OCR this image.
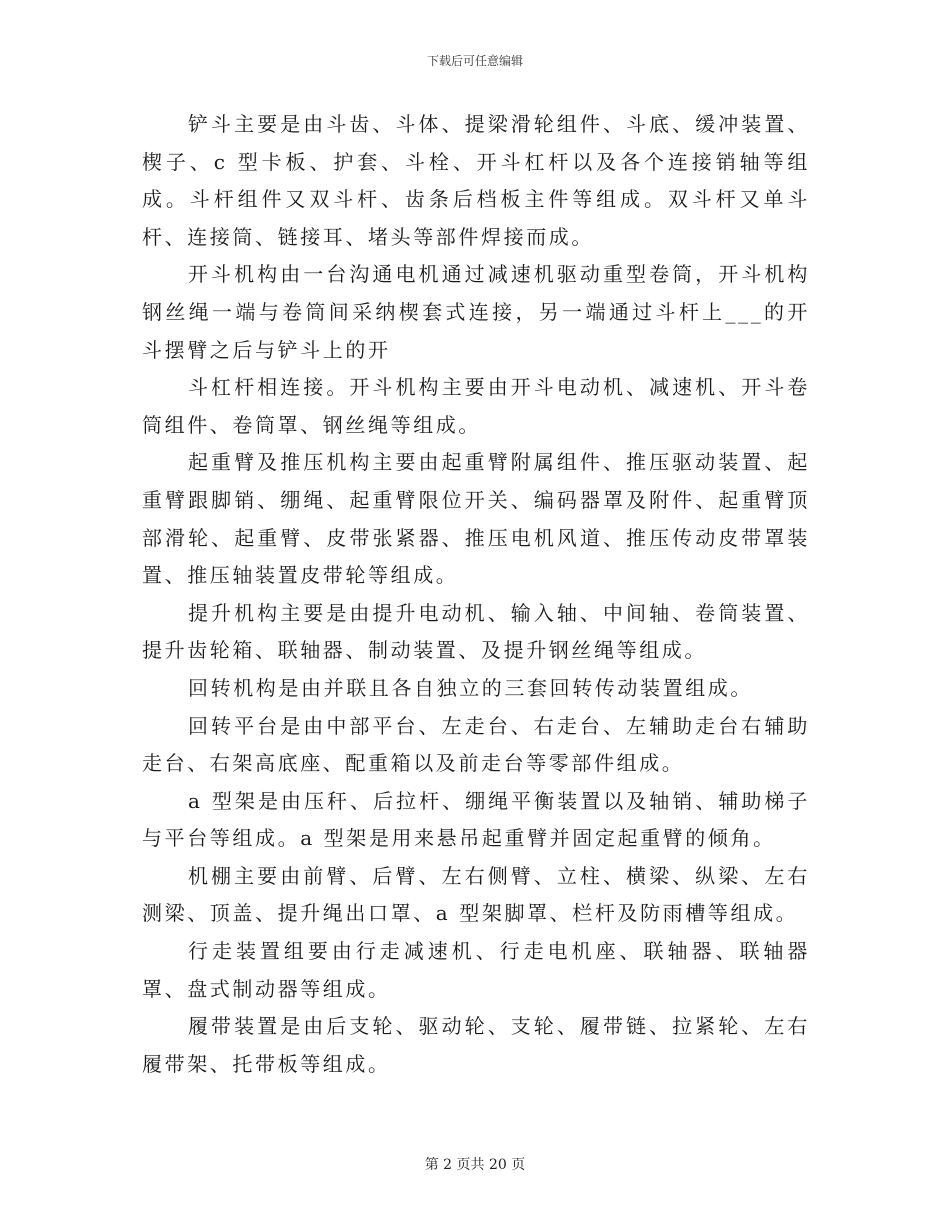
下载后可任意编辑

铲斗主要是由斗齿、斗体、提梁滑轮组件、斗底、缓冲装置、楔子、c 型卡板、护套、斗栓、开斗杠杆以及各个连接销轴等组成。斗杆组件又双斗杆、齿条后档板主件等组成。双斗杆又单斗杆、连接筒、链接耳、堵头等部件焊接而成。

开斗机构由一台沟通电机通过减速机驱动重型卷筒，开斗机构钢丝绳一端与卷筒间采纳楔套式连接，另一端通过斗杆上___的开斗摆臂之后与铲斗上的开

斗杠杆相连接。开斗机构主要由开斗电动机、减速机、开斗卷筒组件、卷筒罩、钢丝绳等组成。

起重臂及推压机构主要由起重臂附属组件、推压驱动装置、起重臂跟脚销、绷绳、起重臂限位开关、编码器罩及附件、起重臂顶部滑轮、起重臂、皮带张紧器、推压电机风道、推压传动皮带罩装置、推压轴装置皮带轮等组成。

提升机构主要是由提升电动机、输入轴、中间轴、卷筒装置、提升齿轮箱、联轴器、制动装置、及提升钢丝绳等组成。

回转机构是由并联且各自独立的三套回转传动装置组成。

回转平台是由中部平台、左走台、右走台、左辅助走台右辅助走台、右架高底座、配重箱以及前走台等零部件组成。

a 型架是由压秆、后拉杆、绷绳平衡装置以及轴销、辅助梯子与平台等组成。a 型架是用来悬吊起重臂并固定起重臂的倾角。

机棚主要由前臂、后臂、左右侧臂、立柱、横梁、纵梁、左右测梁、顶盖、提升绳出口罩、a 型架脚罩、栏杆及防雨槽等组成。

行走装置组要由行走减速机、行走电机座、联轴器、联轴器罩、盘式制动器等组成。

履带装置是由后支轮、驱动轮、支轮、履带链、拉紧轮、左右履带架、托带板等组成。

第 2 页共 20 页
